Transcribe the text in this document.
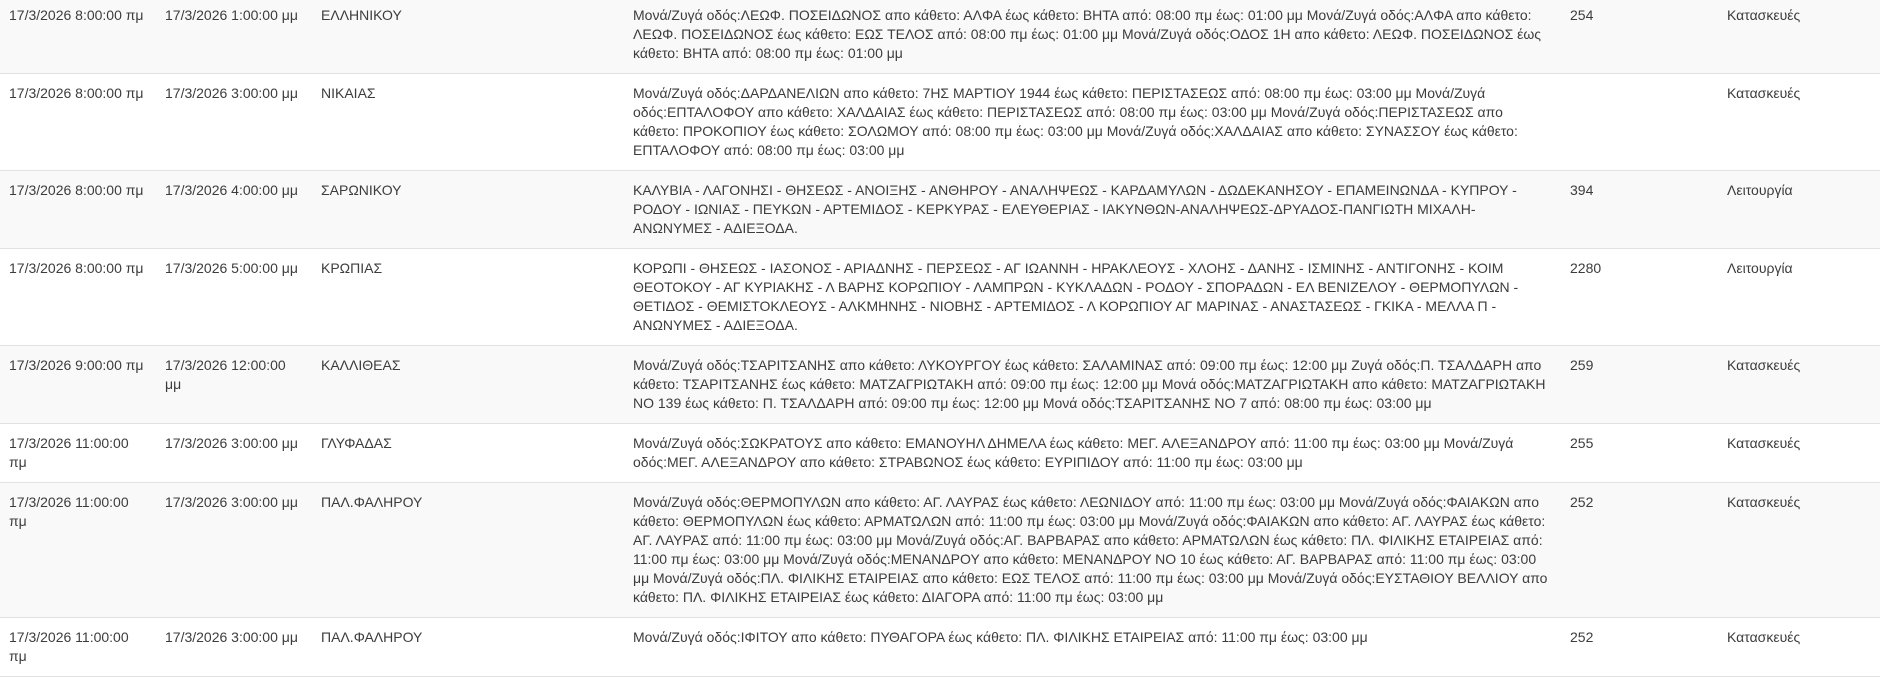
17/3/2026 8:00:00 πμ	17/3/2026 1:00:00 μμ	ΕΛΛΗΝΙΚΟΥ	Μονά/Ζυγά οδός:ΛΕΩΦ. ΠΟΣΕΙΔΩΝΟΣ απο κάθετο: ΑΛΦΑ έως κάθετο: ΒΗΤΑ από: 08:00 πμ έως: 01:00 μμ Μονά/Ζυγά οδός:ΑΛΦΑ απο κάθετο: ΛΕΩΦ. ΠΟΣΕΙΔΩΝΟΣ έως κάθετο: ΕΩΣ ΤΕΛΟΣ από: 08:00 πμ έως: 01:00 μμ Μονά/Ζυγά οδός:ΟΔΟΣ 1Η απο κάθετο: ΛΕΩΦ. ΠΟΣΕΙΔΩΝΟΣ έως κάθετο: ΒΗΤΑ από: 08:00 πμ έως: 01:00 μμ	254	Κατασκευές
17/3/2026 8:00:00 πμ	17/3/2026 3:00:00 μμ	ΝΙΚΑΙΑΣ	Μονά/Ζυγά οδός:ΔΑΡΔΑΝΕΛΙΩΝ απο κάθετο: 7ΗΣ ΜΑΡΤΙΟΥ 1944 έως κάθετο: ΠΕΡΙΣΤΑΣΕΩΣ από: 08:00 πμ έως: 03:00 μμ Μονά/Ζυγά οδός:ΕΠΤΑΛΟΦΟΥ απο κάθετο: ΧΑΛΔΑΙΑΣ έως κάθετο: ΠΕΡΙΣΤΑΣΕΩΣ από: 08:00 πμ έως: 03:00 μμ Μονά/Ζυγά οδός:ΠΕΡΙΣΤΑΣΕΩΣ απο κάθετο: ΠΡΟΚΟΠΙΟΥ έως κάθετο: ΣΟΛΩΜΟΥ από: 08:00 πμ έως: 03:00 μμ Μονά/Ζυγά οδός:ΧΑΛΔΑΙΑΣ απο κάθετο: ΣΥΝΑΣΣΟΥ έως κάθετο: ΕΠΤΑΛΟΦΟΥ από: 08:00 πμ έως: 03:00 μμ		Κατασκευές
17/3/2026 8:00:00 πμ	17/3/2026 4:00:00 μμ	ΣΑΡΩΝΙΚΟΥ	ΚΑΛΥΒΙΑ - ΛΑΓΟΝΗΣΙ - ΘΗΣΕΩΣ - ΑΝΟΙΞΗΣ - ΑΝΘΗΡΟΥ - ΑΝΑΛΗΨΕΩΣ - ΚΑΡΔΑΜΥΛΩΝ - ΔΩΔΕΚΑΝΗΣΟΥ - ΕΠΑΜΕΙΝΩΝΔΑ - ΚΥΠΡΟΥ - ΡΟΔΟΥ - ΙΩΝΙΑΣ - ΠΕΥΚΩΝ - ΑΡΤΕΜΙΔΟΣ - ΚΕΡΚΥΡΑΣ - ΕΛΕΥΘΕΡΙΑΣ - ΙΑΚΥΝΘΩΝ-ΑΝΑΛΗΨΕΩΣ-ΔΡΥΑΔΟΣ-ΠΑΝΓΙΩΤΗ ΜΙΧΑΛΗ-ΑΝΩΝΥΜΕΣ - ΑΔΙΕΞΟΔΑ.	394	Λειτουργία
17/3/2026 8:00:00 πμ	17/3/2026 5:00:00 μμ	ΚΡΩΠΙΑΣ	ΚΟΡΩΠΙ - ΘΗΣΕΩΣ - ΙΑΣΟΝΟΣ - ΑΡΙΑΔΝΗΣ - ΠΕΡΣΕΩΣ - ΑΓ ΙΩΑΝΝΗ - ΗΡΑΚΛΕΟΥΣ - ΧΛΟΗΣ - ΔΑΝΗΣ - ΙΣΜΙΝΗΣ - ΑΝΤΙΓΟΝΗΣ - ΚΟΙΜ ΘΕΟΤΟΚΟΥ - ΑΓ ΚΥΡΙΑΚΗΣ - Λ ΒΑΡΗΣ ΚΟΡΩΠΙΟΥ - ΛΑΜΠΡΩΝ - ΚΥΚΛΑΔΩΝ - ΡΟΔΟΥ - ΣΠΟΡΑΔΩΝ - ΕΛ ΒΕΝΙΖΕΛΟΥ - ΘΕΡΜΟΠΥΛΩΝ - ΘΕΤΙΔΟΣ - ΘΕΜΙΣΤΟΚΛΕΟΥΣ - ΑΛΚΜΗΝΗΣ - ΝΙΟΒΗΣ - ΑΡΤΕΜΙΔΟΣ - Λ ΚΟΡΩΠΙΟΥ ΑΓ ΜΑΡΙΝΑΣ - ΑΝΑΣΤΑΣΕΩΣ - ΓΚΙΚΑ - ΜΕΛΛΑ Π - ΑΝΩΝΥΜΕΣ - ΑΔΙΕΞΟΔΑ.	2280	Λειτουργία
17/3/2026 9:00:00 πμ	17/3/2026 12:00:00 μμ	ΚΑΛΛΙΘΕΑΣ	Μονά/Ζυγά οδός:ΤΣΑΡΙΤΣΑΝΗΣ απο κάθετο: ΛΥΚΟΥΡΓΟΥ έως κάθετο: ΣΑΛΑΜΙΝΑΣ από: 09:00 πμ έως: 12:00 μμ Ζυγά οδός:Π. ΤΣΑΛΔΑΡΗ απο κάθετο: ΤΣΑΡΙΤΣΑΝΗΣ έως κάθετο: ΜΑΤΖΑΓΡΙΩΤΑΚΗ από: 09:00 πμ έως: 12:00 μμ Μονά οδός:ΜΑΤΖΑΓΡΙΩΤΑΚΗ απο κάθετο: ΜΑΤΖΑΓΡΙΩΤΑΚΗ ΝΟ 139 έως κάθετο: Π. ΤΣΑΛΔΑΡΗ από: 09:00 πμ έως: 12:00 μμ Μονά οδός:ΤΣΑΡΙΤΣΑΝΗΣ ΝΟ 7 από: 08:00 πμ έως: 03:00 μμ	259	Κατασκευές
17/3/2026 11:00:00 πμ	17/3/2026 3:00:00 μμ	ΓΛΥΦΑΔΑΣ	Μονά/Ζυγά οδός:ΣΩΚΡΑΤΟΥΣ απο κάθετο: ΕΜΑΝΟΥΗΛ ΔΗΜΕΛΑ έως κάθετο: ΜΕΓ. ΑΛΕΞΑΝΔΡΟΥ από: 11:00 πμ έως: 03:00 μμ Μονά/Ζυγά οδός:ΜΕΓ. ΑΛΕΞΑΝΔΡΟΥ απο κάθετο: ΣΤΡΑΒΩΝΟΣ έως κάθετο: ΕΥΡΙΠΙΔΟΥ από: 11:00 πμ έως: 03:00 μμ	255	Κατασκευές
17/3/2026 11:00:00 πμ	17/3/2026 3:00:00 μμ	ΠΑΛ.ΦΑΛΗΡΟΥ	Μονά/Ζυγά οδός:ΘΕΡΜΟΠΥΛΩΝ απο κάθετο: ΑΓ. ΛΑΥΡΑΣ έως κάθετο: ΛΕΩΝΙΔΟΥ από: 11:00 πμ έως: 03:00 μμ Μονά/Ζυγά οδός:ΦΑΙΑΚΩΝ απο κάθετο: ΘΕΡΜΟΠΥΛΩΝ έως κάθετο: ΑΡΜΑΤΩΛΩΝ από: 11:00 πμ έως: 03:00 μμ Μονά/Ζυγά οδός:ΦΑΙΑΚΩΝ απο κάθετο: ΑΓ. ΛΑΥΡΑΣ έως κάθετο: ΑΓ. ΛΑΥΡΑΣ από: 11:00 πμ έως: 03:00 μμ Μονά/Ζυγά οδός:ΑΓ. ΒΑΡΒΑΡΑΣ απο κάθετο: ΑΡΜΑΤΩΛΩΝ έως κάθετο: ΠΛ. ΦΙΛΙΚΗΣ ΕΤΑΙΡΕΙΑΣ από: 11:00 πμ έως: 03:00 μμ Μονά/Ζυγά οδός:ΜΕΝΑΝΔΡΟΥ απο κάθετο: ΜΕΝΑΝΔΡΟΥ ΝΟ 10 έως κάθετο: ΑΓ. ΒΑΡΒΑΡΑΣ από: 11:00 πμ έως: 03:00 μμ Μονά/Ζυγά οδός:ΠΛ. ΦΙΛΙΚΗΣ ΕΤΑΙΡΕΙΑΣ απο κάθετο: ΕΩΣ ΤΕΛΟΣ από: 11:00 πμ έως: 03:00 μμ Μονά/Ζυγά οδός:ΕΥΣΤΑΘΙΟΥ ΒΕΛΛΙΟΥ απο κάθετο: ΠΛ. ΦΙΛΙΚΗΣ ΕΤΑΙΡΕΙΑΣ έως κάθετο: ΔΙΑΓΟΡΑ από: 11:00 πμ έως: 03:00 μμ	252	Κατασκευές
17/3/2026 11:00:00 πμ	17/3/2026 3:00:00 μμ	ΠΑΛ.ΦΑΛΗΡΟΥ	Μονά/Ζυγά οδός:ΙΦΙΤΟΥ απο κάθετο: ΠΥΘΑΓΟΡΑ έως κάθετο: ΠΛ. ΦΙΛΙΚΗΣ ΕΤΑΙΡΕΙΑΣ από: 11:00 πμ έως: 03:00 μμ	252	Κατασκευές
